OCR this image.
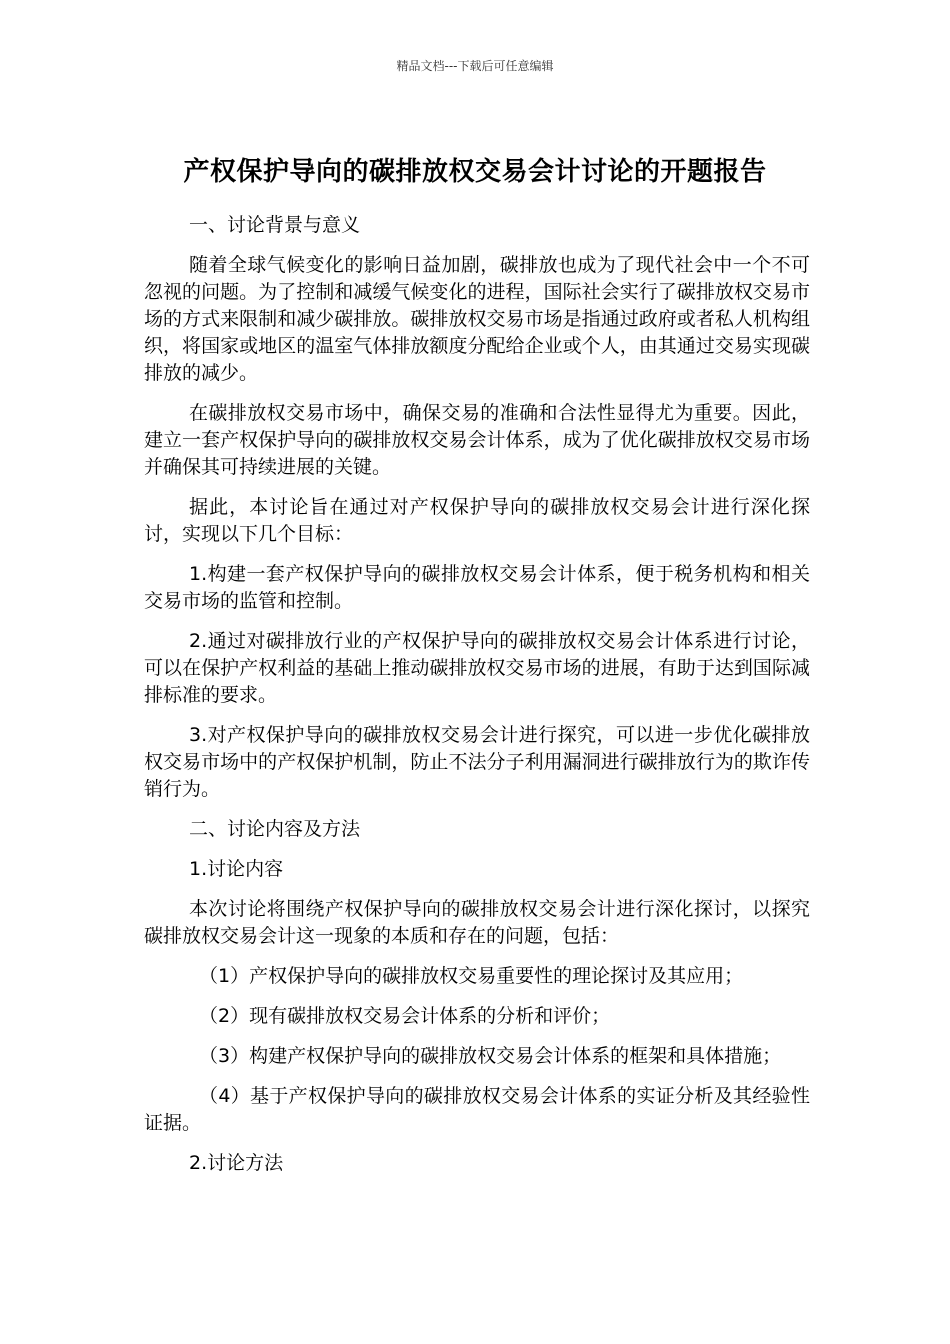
精品文档---下载后可任意编辑
产权保护导向的碳排放权交易会计讨论的开题报告

一、讨论背景与意义

随着全球气候变化的影响日益加剧，碳排放也成为了现代社会中一个不可忽视的问题。为了控制和减缓气候变化的进程，国际社会实行了碳排放权交易市场的方式来限制和减少碳排放。碳排放权交易市场是指通过政府或者私人机构组织，将国家或地区的温室气体排放额度分配给企业或个人，由其通过交易实现碳排放的减少。

在碳排放权交易市场中，确保交易的准确和合法性显得尤为重要。因此，建立一套产权保护导向的碳排放权交易会计体系，成为了优化碳排放权交易市场并确保其可持续进展的关键。

据此，本讨论旨在通过对产权保护导向的碳排放权交易会计进行深化探讨，实现以下几个目标：

1.构建一套产权保护导向的碳排放权交易会计体系，便于税务机构和相关交易市场的监管和控制。

2.通过对碳排放行业的产权保护导向的碳排放权交易会计体系进行讨论，可以在保护产权利益的基础上推动碳排放权交易市场的进展，有助于达到国际减排标准的要求。

3.对产权保护导向的碳排放权交易会计进行探究，可以进一步优化碳排放权交易市场中的产权保护机制，防止不法分子利用漏洞进行碳排放行为的欺诈传销行为。

二、讨论内容及方法

1.讨论内容

本次讨论将围绕产权保护导向的碳排放权交易会计进行深化探讨，以探究碳排放权交易会计这一现象的本质和存在的问题，包括：

（1）产权保护导向的碳排放权交易重要性的理论探讨及其应用；

（2）现有碳排放权交易会计体系的分析和评价；

（3）构建产权保护导向的碳排放权交易会计体系的框架和具体措施；

（4）基于产权保护导向的碳排放权交易会计体系的实证分析及其经验性证据。

2.讨论方法
